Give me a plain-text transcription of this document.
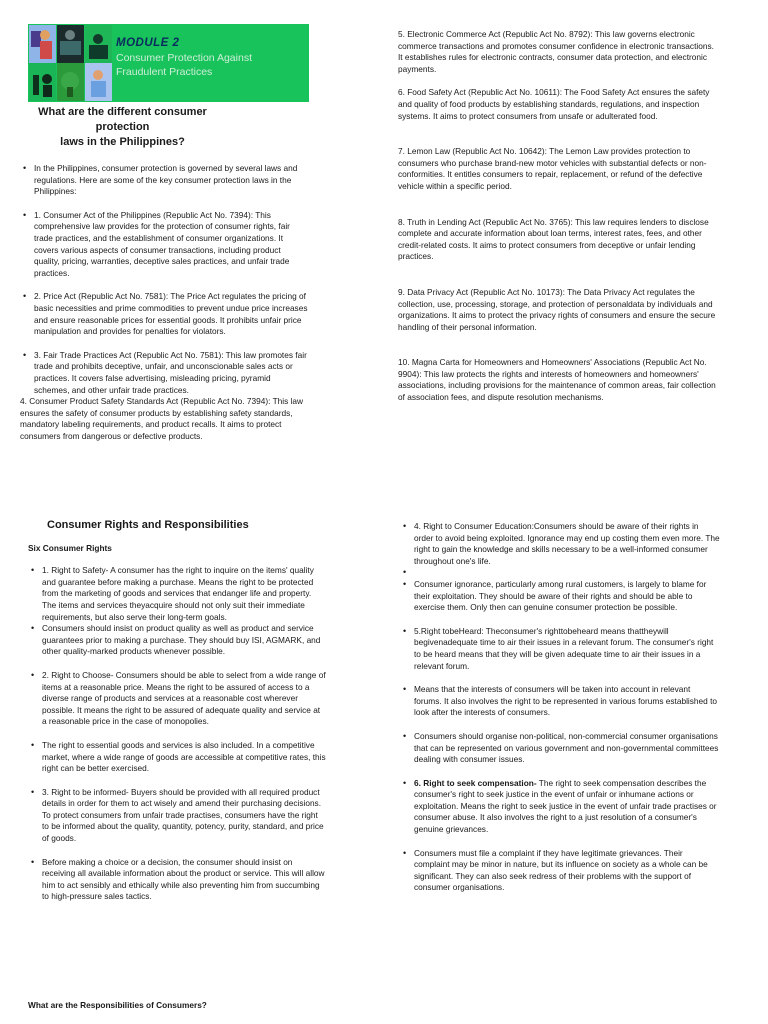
MODULE 2
Consumer Protection Against
Fraudulent Practices
What are the different consumer protection
laws in the Philippines?
• In the Philippines, consumer protection is governed by several laws and regulations. Here are some of the key consumer protection laws in the Philippines:
• 1. Consumer Act of the Philippines (Republic Act No. 7394): This comprehensive law provides for the protection of consumer rights, fair trade practices, and the establishment of consumer organizations. It covers various aspects of consumer transactions, including product quality, pricing, warranties, deceptive sales practices, and unfair trade practices.
• 2. Price Act (Republic Act No. 7581): The Price Act regulates the pricing of basic necessities and prime commodities to prevent undue price increases and ensure reasonable prices for essential goods. It prohibits unfair price manipulation and provides for penalties for violators.
• 3. Fair Trade Practices Act (Republic Act No. 7581): This law promotes fair trade and prohibits deceptive, unfair, and unconscionable sales acts or practices. It covers false advertising, misleading pricing, pyramid schemes, and other unfair trade practices.

4. Consumer Product Safety Standards Act (Republic Act No. 7394): This law ensures the safety of consumer products by establishing safety standards, mandatory labeling requirements, and product recalls. It aims to protect consumers from dangerous or defective products.

5. Electronic Commerce Act (Republic Act No. 8792): This law governs electronic commerce transactions and promotes consumer confidence in electronic transactions. It establishes rules for electronic contracts, consumer data protection, and electronic payments.

6. Food Safety Act (Republic Act No. 10611): The Food Safety Act ensures the safety and quality of food products by establishing standards, regulations, and inspection systems. It aims to protect consumers from unsafe or adulterated food.

7. Lemon Law (Republic Act No. 10642): The Lemon Law provides protection to consumers who purchase brand-new motor vehicles with substantial defects or non-conformities. It entitles consumers to repair, replacement, or refund of the defective vehicle within a specific period.

8. Truth in Lending Act (Republic Act No. 3765): This law requires lenders to disclose complete and accurate information about loan terms, interest rates, fees, and other credit-related costs. It aims to protect consumers from deceptive or unfair lending practices.

9. Data Privacy Act (Republic Act No. 10173): The Data Privacy Act regulates the collection, use, processing, storage, and protection of personaldata by individuals and organizations. It aims to protect the privacy rights of consumers and ensure the secure handling of their personal information.

10. Magna Carta for Homeowners and Homeowners' Associations (Republic Act No. 9904): This law protects the rights and interests of homeowners and homeowners' associations, including provisions for the maintenance of common areas, fair collection of association fees, and dispute resolution mechanisms.

Consumer Rights and Responsibilities
Six Consumer Rights
• 1. Right to Safety- A consumer has the right to inquire on the items' quality and guarantee before making a purchase. Means the right to be protected from the marketing of goods and services that endanger life and property. The items and services theyacquire should not only suit their immediate requirements, but also serve their long-term goals.
• Consumers should insist on product quality as well as product and service guarantees prior to making a purchase. They should buy ISI, AGMARK, and other quality-marked products whenever possible.
• 2. Right to Choose- Consumers should be able to select from a wide range of items at a reasonable price. Means the right to be assured of access to a diverse range of products and services at a reasonable cost wherever possible. It means the right to be assured of adequate quality and service at a reasonable price in the case of monopolies.
• The right to essential goods and services is also included. In a competitive market, where a wide range of goods are accessible at competitive rates, this right can be better exercised.
• 3. Right to be informed- Buyers should be provided with all required product details in order for them to act wisely and amend their purchasing decisions. To protect consumers from unfair trade practises, consumers have the right to be informed about the quality, quantity, potency, purity, standard, and price of goods.
• Before making a choice or a decision, the consumer should insist on receiving all available information about the product or service. This will allow him to act sensibly and ethically while also preventing him from succumbing to high-pressure sales tactics.
What are the Responsibilities of Consumers?
• 4. Right to Consumer Education:Consumers should be aware of their rights in order to avoid being exploited. Ignorance may end up costing them even more. The right to gain the knowledge and skills necessary to be a well-informed consumer throughout one's life.
•
• Consumer ignorance, particularly among rural customers, is largely to blame for their exploitation. They should be aware of their rights and should be able to exercise them. Only then can genuine consumer protection be possible.
• 5.Right tobeHeard: Theconsumer's righttobeheard means thattheywill begivenadequate time to air their issues in a relevant forum. The consumer's right to be heard means that they will be given adequate time to air their issues in a relevant forum.
• Means that the interests of consumers will be taken into account in relevant forums. It also involves the right to be represented in various forums established to look after the interests of consumers.
• Consumers should organise non-political, non-commercial consumer organisations that can be represented on various government and non-governmental committees dealing with consumer issues.
• 6. Right to seek compensation- The right to seek compensation describes the consumer's right to seek justice in the event of unfair or inhumane actions or exploitation. Means the right to seek justice in the event of unfair trade practises or consumer abuse. It also involves the right to a just resolution of a consumer's genuine grievances.
• Consumers must file a complaint if they have legitimate grievances. Their complaint may be minor in nature, but its influence on society as a whole can be significant. They can also seek redress of their problems with the support of consumer organisations.
